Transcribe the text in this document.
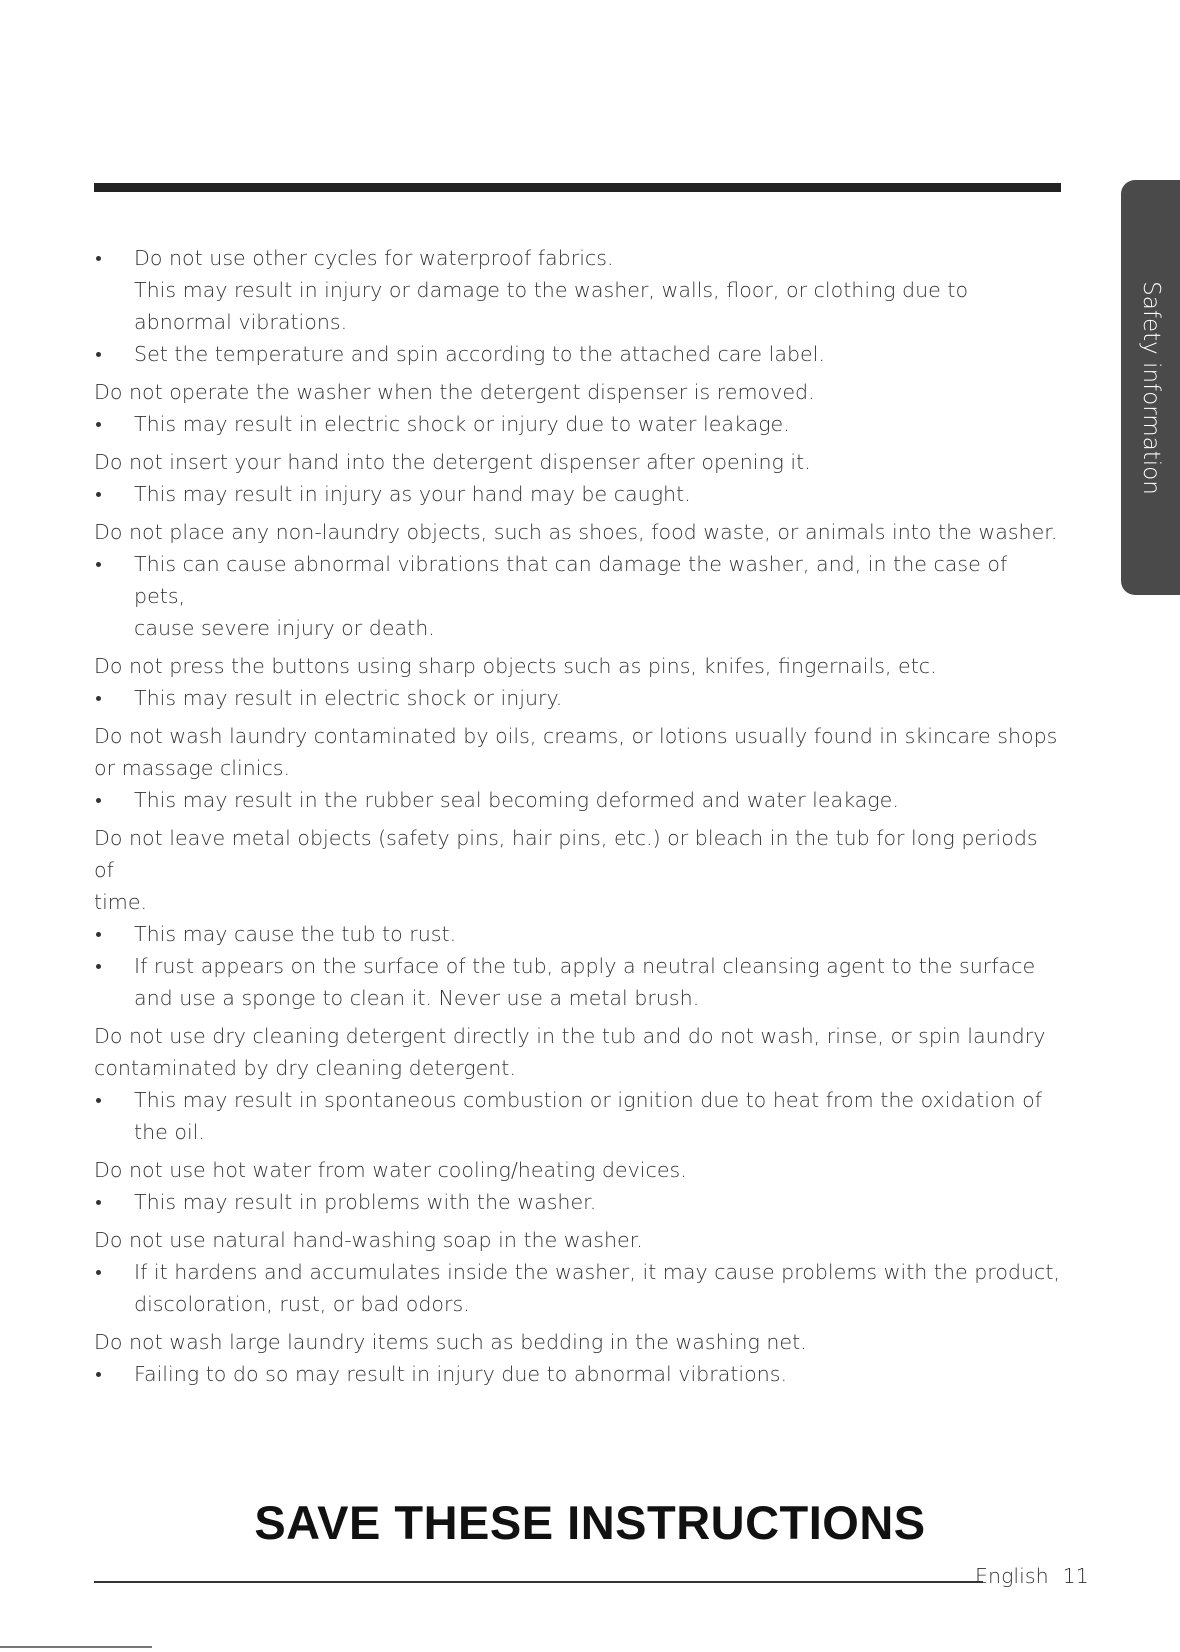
Safety information

Do not use other cycles for waterproof fabrics.

This may result in injury or damage to the washer, walls, floor, or clothing due to

abnormal vibrations.

Set the temperature and spin according to the attached care label.

Do not operate the washer when the detergent dispenser is removed.

This may result in electric shock or injury due to water leakage.

Do not insert your hand into the detergent dispenser after opening it.

This may result in injury as your hand may be caught.

Do not place any non-laundry objects, such as shoes, food waste, or animals into the washer.

This can cause abnormal vibrations that can damage the washer, and, in the case of pets,

cause severe injury or death.

Do not press the buttons using sharp objects such as pins, knifes, fingernails, etc.

This may result in electric shock or injury.

Do not wash laundry contaminated by oils, creams, or lotions usually found in skincare shops

or massage clinics.

This may result in the rubber seal becoming deformed and water leakage.

Do not leave metal objects (safety pins, hair pins, etc.) or bleach in the tub for long periods of

time.

This may cause the tub to rust.

If rust appears on the surface of the tub, apply a neutral cleansing agent to the surface

and use a sponge to clean it. Never use a metal brush.

Do not use dry cleaning detergent directly in the tub and do not wash, rinse, or spin laundry

contaminated by dry cleaning detergent.

This may result in spontaneous combustion or ignition due to heat from the oxidation of

the oil.

Do not use hot water from water cooling/heating devices.

This may result in problems with the washer.

Do not use natural hand-washing soap in the washer.

If it hardens and accumulates inside the washer, it may cause problems with the product,

discoloration, rust, or bad odors.

Do not wash large laundry items such as bedding in the washing net.

Failing to do so may result in injury due to abnormal vibrations.

SAVE THESE INSTRUCTIONS
English 11
